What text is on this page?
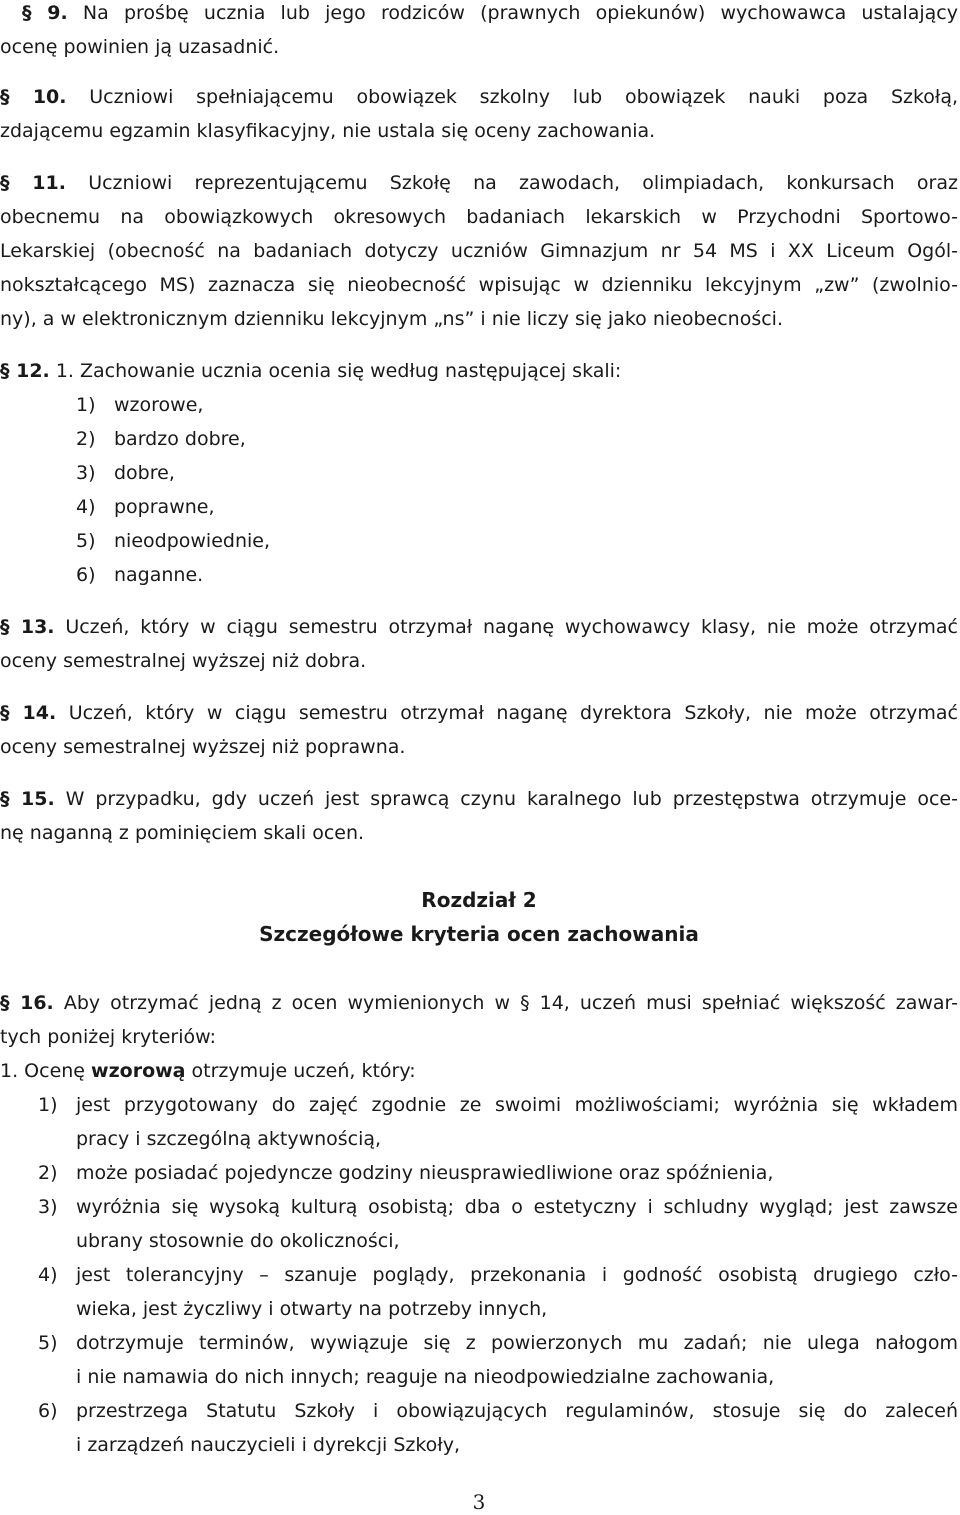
§ 9. Na prośbę ucznia lub jego rodziców (prawnych opiekunów) wychowawca ustalający

ocenę powinien ją uzasadnić.

§ 10. Uczniowi spełniającemu obowiązek szkolny lub obowiązek nauki poza Szkołą,

zdającemu egzamin klasyfikacyjny, nie ustala się oceny zachowania.

§ 11. Uczniowi reprezentującemu Szkołę na zawodach, olimpiadach, konkursach oraz

obecnemu na obowiązkowych okresowych badaniach lekarskich w Przychodni Sportowo-

Lekarskiej (obecność na badaniach dotyczy uczniów Gimnazjum nr 54 MS i XX Liceum Ogól-

nokształcącego MS) zaznacza się nieobecność wpisując w dzienniku lekcyjnym „zw” (zwolnio-

ny), a w elektronicznym dzienniku lekcyjnym „ns” i nie liczy się jako nieobecności.

§ 12. 1. Zachowanie ucznia ocenia się według następującej skali:

1) wzorowe,
2) bardzo dobre,
3) dobre,
4) poprawne,
5) nieodpowiednie,
6) naganne.

§ 13. Uczeń, który w ciągu semestru otrzymał naganę wychowawcy klasy, nie może otrzymać

oceny semestralnej wyższej niż dobra.

§ 14. Uczeń, który w ciągu semestru otrzymał naganę dyrektora Szkoły, nie może otrzymać

oceny semestralnej wyższej niż poprawna.

§ 15. W przypadku, gdy uczeń jest sprawcą czynu karalnego lub przestępstwa otrzymuje oce-

nę naganną z pominięciem skali ocen.

Rozdział 2

Szczegółowe kryteria ocen zachowania

§ 16. Aby otrzymać jedną z ocen wymienionych w § 14, uczeń musi spełniać większość zawar-

tych poniżej kryteriów:

1. Ocenę wzorową otrzymuje uczeń, który:

1) jest przygotowany do zajęć zgodnie ze swoimi możliwościami; wyróżnia się wkładem
pracy i szczególną aktywnością,
2) może posiadać pojedyncze godziny nieusprawiedliwione oraz spóźnienia,
3) wyróżnia się wysoką kulturą osobistą; dba o estetyczny i schludny wygląd; jest zawsze
ubrany stosownie do okoliczności,
4) jest tolerancyjny – szanuje poglądy, przekonania i godność osobistą drugiego czło-
wieka, jest życzliwy i otwarty na potrzeby innych,
5) dotrzymuje terminów, wywiązuje się z powierzonych mu zadań; nie ulega nałogom
i nie namawia do nich innych; reaguje na nieodpowiedzialne zachowania,
6) przestrzega Statutu Szkoły i obowiązujących regulaminów, stosuje się do zaleceń
i zarządzeń nauczycieli i dyrekcji Szkoły,
3
